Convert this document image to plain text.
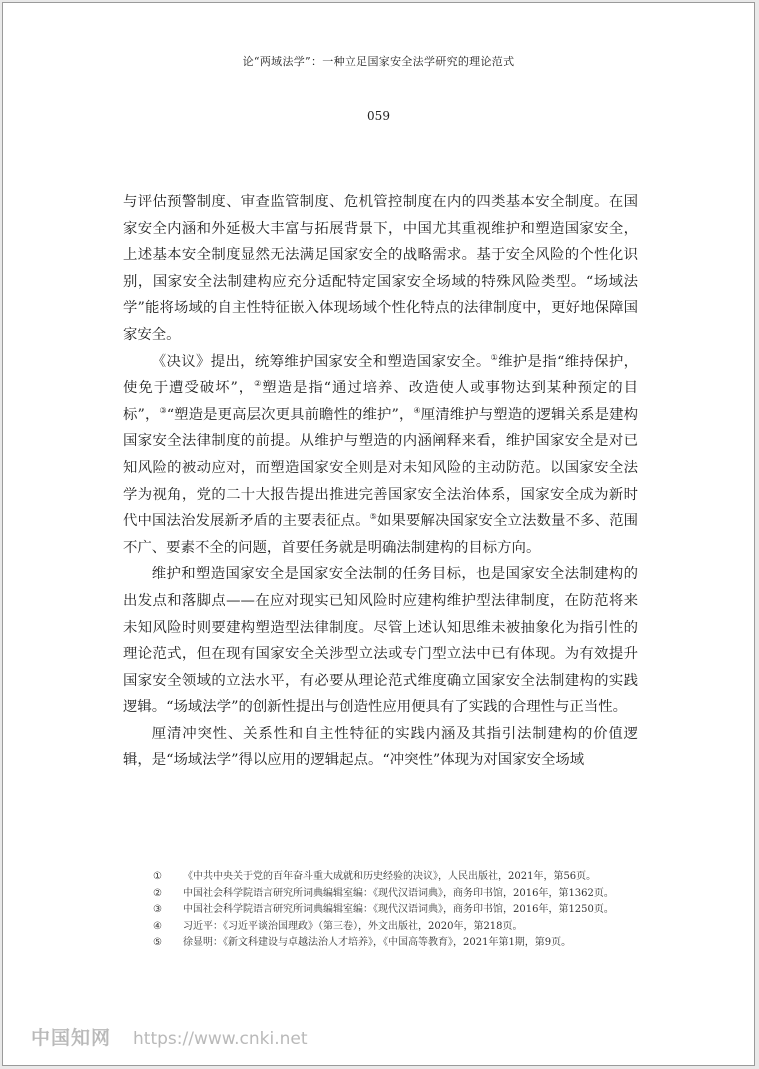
论“两域法学”：一种立足国家安全法学研究的理论范式
059

与评估预警制度、审查监管制度、危机管控制度在内的四类基本安全制度。在国家安全内涵和外延极大丰富与拓展背景下，中国尤其重视维护和塑造国家安全，上述基本安全制度显然无法满足国家安全的战略需求。基于安全风险的个性化识别，国家安全法制建构应充分适配特定国家安全场域的特殊风险类型。“场域法学”能将场域的自主性特征嵌入体现场域个性化特点的法律制度中，更好地保障国家安全。

《决议》提出，统筹维护国家安全和塑造国家安全。①维护是指“维持保护，使免于遭受破坏”，②塑造是指“通过培养、改造使人或事物达到某种预定的目标”，③“塑造是更高层次更具前瞻性的维护”，④厘清维护与塑造的逻辑关系是建构国家安全法律制度的前提。从维护与塑造的内涵阐释来看，维护国家安全是对已知风险的被动应对，而塑造国家安全则是对未知风险的主动防范。以国家安全法学为视角，党的二十大报告提出推进完善国家安全法治体系，国家安全成为新时代中国法治发展新矛盾的主要表征点。⑤如果要解决国家安全立法数量不多、范围不广、要素不全的问题，首要任务就是明确法制建构的目标方向。

维护和塑造国家安全是国家安全法制的任务目标，也是国家安全法制建构的出发点和落脚点——在应对现实已知风险时应建构维护型法律制度，在防范将来未知风险时则要建构塑造型法律制度。尽管上述认知思维未被抽象化为指引性的理论范式，但在现有国家安全关涉型立法或专门型立法中已有体现。为有效提升国家安全领域的立法水平，有必要从理论范式维度确立国家安全法制建构的实践逻辑。“场域法学”的创新性提出与创造性应用便具有了实践的合理性与正当性。

厘清冲突性、关系性和自主性特征的实践内涵及其指引法制建构的价值逻辑，是“场域法学”得以应用的逻辑起点。“冲突性”体现为对国家安全场域

①	《中共中央关于党的百年奋斗重大成就和历史经验的决议》，人民出版社，2021年，第56页。
②	中国社会科学院语言研究所词典编辑室编：《现代汉语词典》，商务印书馆，2016年，第1362页。
③	中国社会科学院语言研究所词典编辑室编：《现代汉语词典》，商务印书馆，2016年，第1250页。
④	习近平：《习近平谈治国理政》（第三卷），外文出版社，2020年，第218页。
⑤	徐显明：《新文科建设与卓越法治人才培养》，《中国高等教育》，2021年第1期，第9页。
中国知网 https://www.cnki.net
